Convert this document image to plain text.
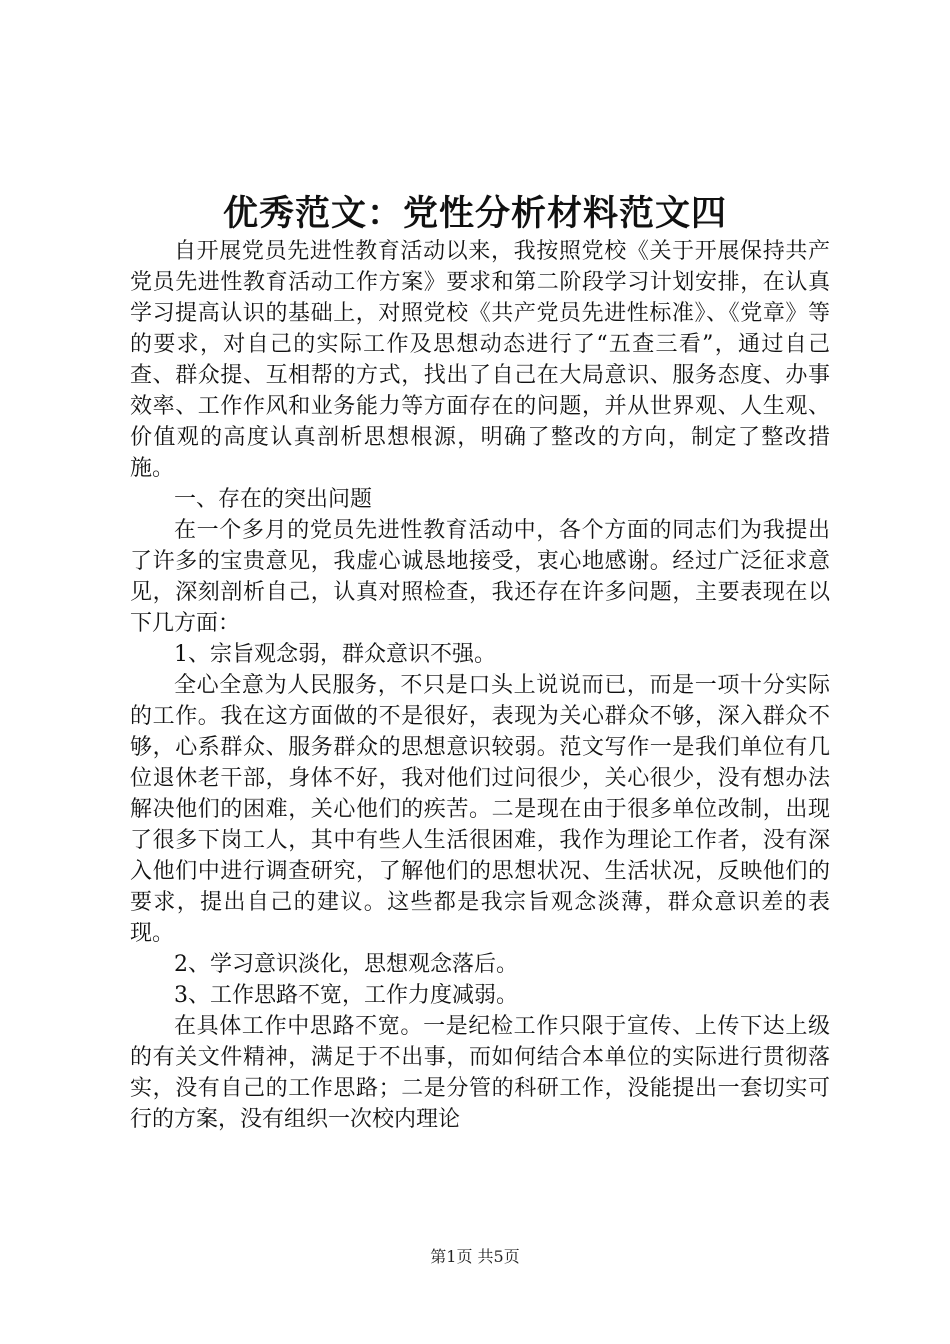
优秀范文：党性分析材料范文四

自开展党员先进性教育活动以来，我按照党校《关于开展保持共产党员先进性教育活动工作方案》要求和第二阶段学习计划安排，在认真学习提高认识的基础上，对照党校《共产党员先进性标准》、《党章》等的要求，对自己的实际工作及思想动态进行了“五查三看”，通过自己查、群众提、互相帮的方式，找出了自己在大局意识、服务态度、办事效率、工作作风和业务能力等方面存在的问题，并从世界观、人生观、价值观的高度认真剖析思想根源，明确了整改的方向，制定了整改措施。

一、存在的突出问题

在一个多月的党员先进性教育活动中，各个方面的同志们为我提出了许多的宝贵意见，我虚心诚恳地接受，衷心地感谢。经过广泛征求意见，深刻剖析自己，认真对照检查，我还存在许多问题，主要表现在以下几方面：

1、宗旨观念弱，群众意识不强。

全心全意为人民服务，不只是口头上说说而已，而是一项十分实际的工作。我在这方面做的不是很好，表现为关心群众不够，深入群众不够，心系群众、服务群众的思想意识较弱。范文写作一是我们单位有几位退休老干部，身体不好，我对他们过问很少，关心很少，没有想办法解决他们的困难，关心他们的疾苦。二是现在由于很多单位改制，出现了很多下岗工人，其中有些人生活很困难，我作为理论工作者，没有深入他们中进行调查研究，了解他们的思想状况、生活状况，反映他们的要求，提出自己的建议。这些都是我宗旨观念淡薄，群众意识差的表现。

2、学习意识淡化，思想观念落后。

3、工作思路不宽，工作力度减弱。

在具体工作中思路不宽。一是纪检工作只限于宣传、上传下达上级的有关文件精神，满足于不出事，而如何结合本单位的实际进行贯彻落实，没有自己的工作思路；二是分管的科研工作，没能提出一套切实可行的方案，没有组织一次校内理论

第1页 共5页
